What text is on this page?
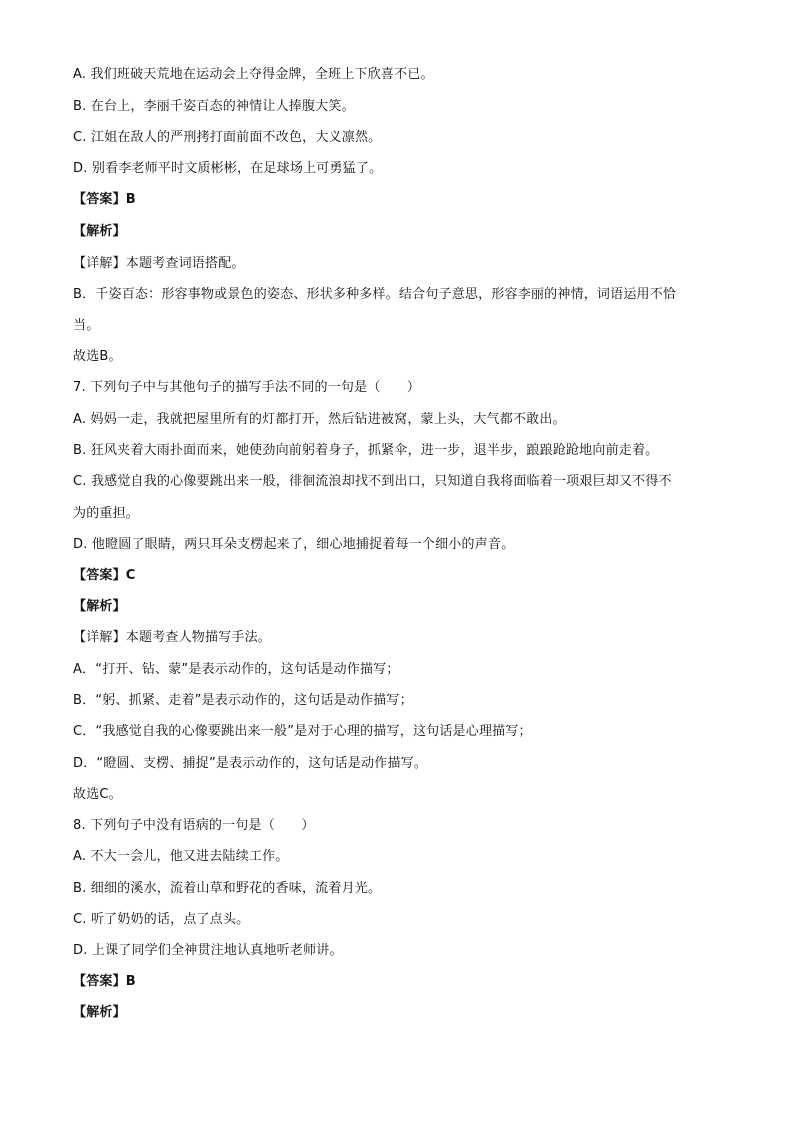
A. 我们班破天荒地在运动会上夺得金牌，全班上下欣喜不已。
B. 在台上，李丽千姿百态的神情让人捧腹大笑。
C. 江姐在敌人的严刑拷打面前面不改色，大义凛然。
D. 别看李老师平时文质彬彬，在足球场上可勇猛了。
【答案】B
【解析】
【详解】本题考查词语搭配。
B．千姿百态：形容事物或景色的姿态、形状多种多样。结合句子意思，形容李丽的神情，词语运用不恰
当。
故选B。
7. 下列句子中与其他句子的描写手法不同的一句是（　　）
A. 妈妈一走，我就把屋里所有的灯都打开，然后钻进被窝，蒙上头，大气都不敢出。
B. 狂风夹着大雨扑面而来，她使劲向前躬着身子，抓紧伞，进一步，退半步，踉踉跄跄地向前走着。
C. 我感觉自我的心像要跳出来一般，徘徊流浪却找不到出口，只知道自我将面临着一项艰巨却又不得不
为的重担。
D. 他瞪圆了眼睛，两只耳朵支楞起来了，细心地捕捉着每一个细小的声音。
【答案】C
【解析】
【详解】本题考查人物描写手法。
A．“打开、钻、蒙”是表示动作的，这句话是动作描写；
B．“躬、抓紧、走着”是表示动作的，这句话是动作描写；
C．“我感觉自我的心像要跳出来一般”是对于心理的描写，这句话是心理描写；
D．“瞪圆、支楞、捕捉”是表示动作的，这句话是动作描写。
故选C。
8. 下列句子中没有语病的一句是（　　）
A. 不大一会儿，他又进去陆续工作。
B. 细细的溪水，流着山草和野花的香味，流着月光。
C. 听了奶奶的话，点了点头。
D. 上课了同学们全神贯注地认真地听老师讲。
【答案】B
【解析】
